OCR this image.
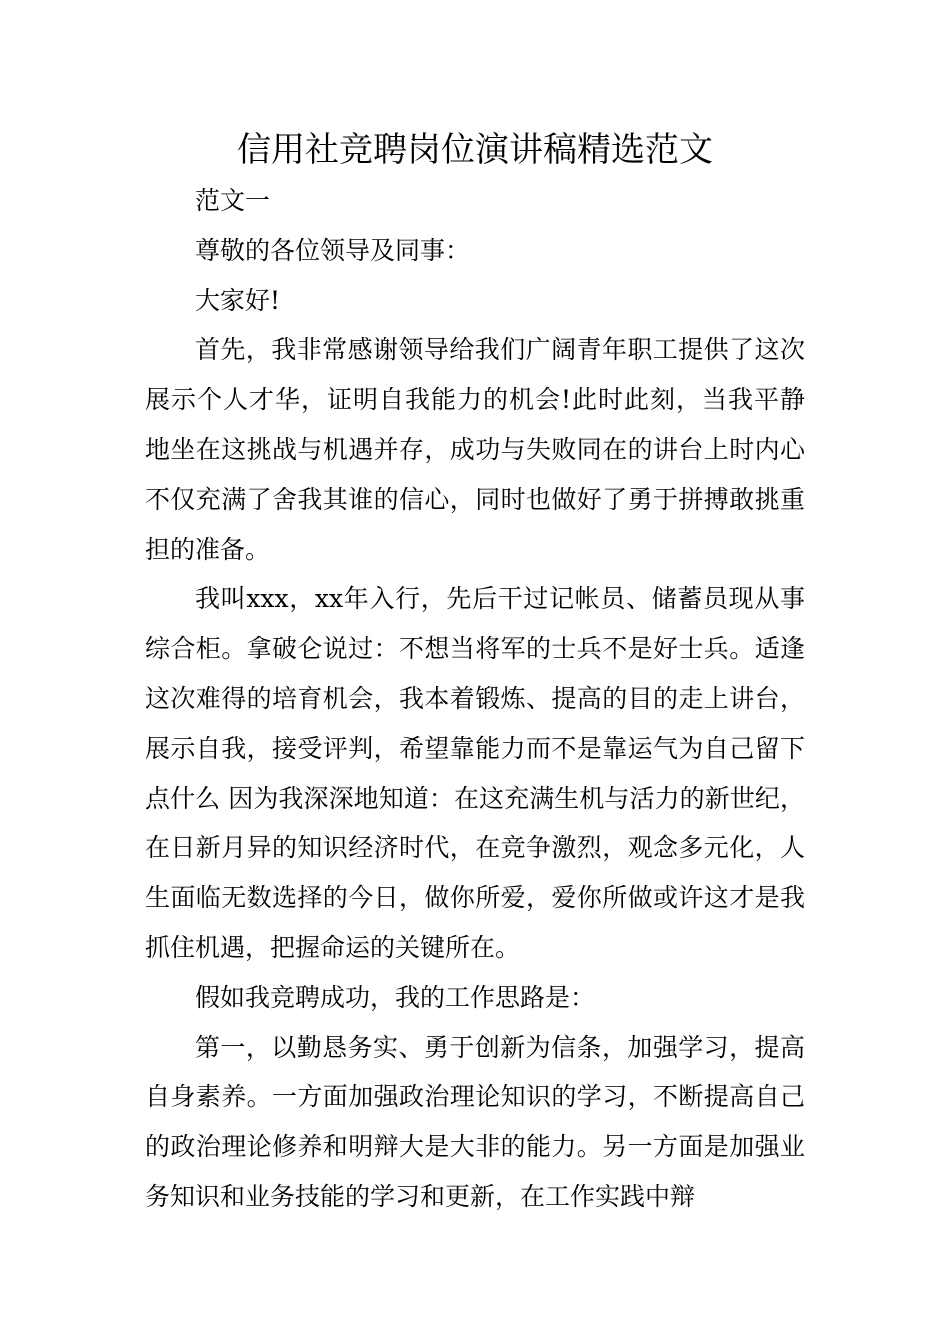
信用社竞聘岗位演讲稿精选范文

范文一

尊敬的各位领导及同事：

大家好!

首先，我非常感谢领导给我们广阔青年职工提供了这次展示个人才华，证明自我能力的机会!此时此刻，当我平静地坐在这挑战与机遇并存，成功与失败同在的讲台上时内心不仅充满了舍我其谁的信心，同时也做好了勇于拼搏敢挑重担的准备。

我叫xxx，xx年入行，先后干过记帐员、储蓄员现从事综合柜。拿破仑说过：不想当将军的士兵不是好士兵。适逢这次难得的培育机会，我本着锻炼、提高的目的走上讲台，展示自我，接受评判，希望靠能力而不是靠运气为自己留下点什么 因为我深深地知道：在这充满生机与活力的新世纪，在日新月异的知识经济时代，在竞争激烈，观念多元化，人生面临无数选择的今日，做你所爱，爱你所做或许这才是我抓住机遇，把握命运的关键所在。

假如我竞聘成功，我的工作思路是：

第一，以勤恳务实、勇于创新为信条，加强学习，提高自身素养。一方面加强政治理论知识的学习，不断提高自己的政治理论修养和明辩大是大非的能力。另一方面是加强业务知识和业务技能的学习和更新，在工作实践中辩
